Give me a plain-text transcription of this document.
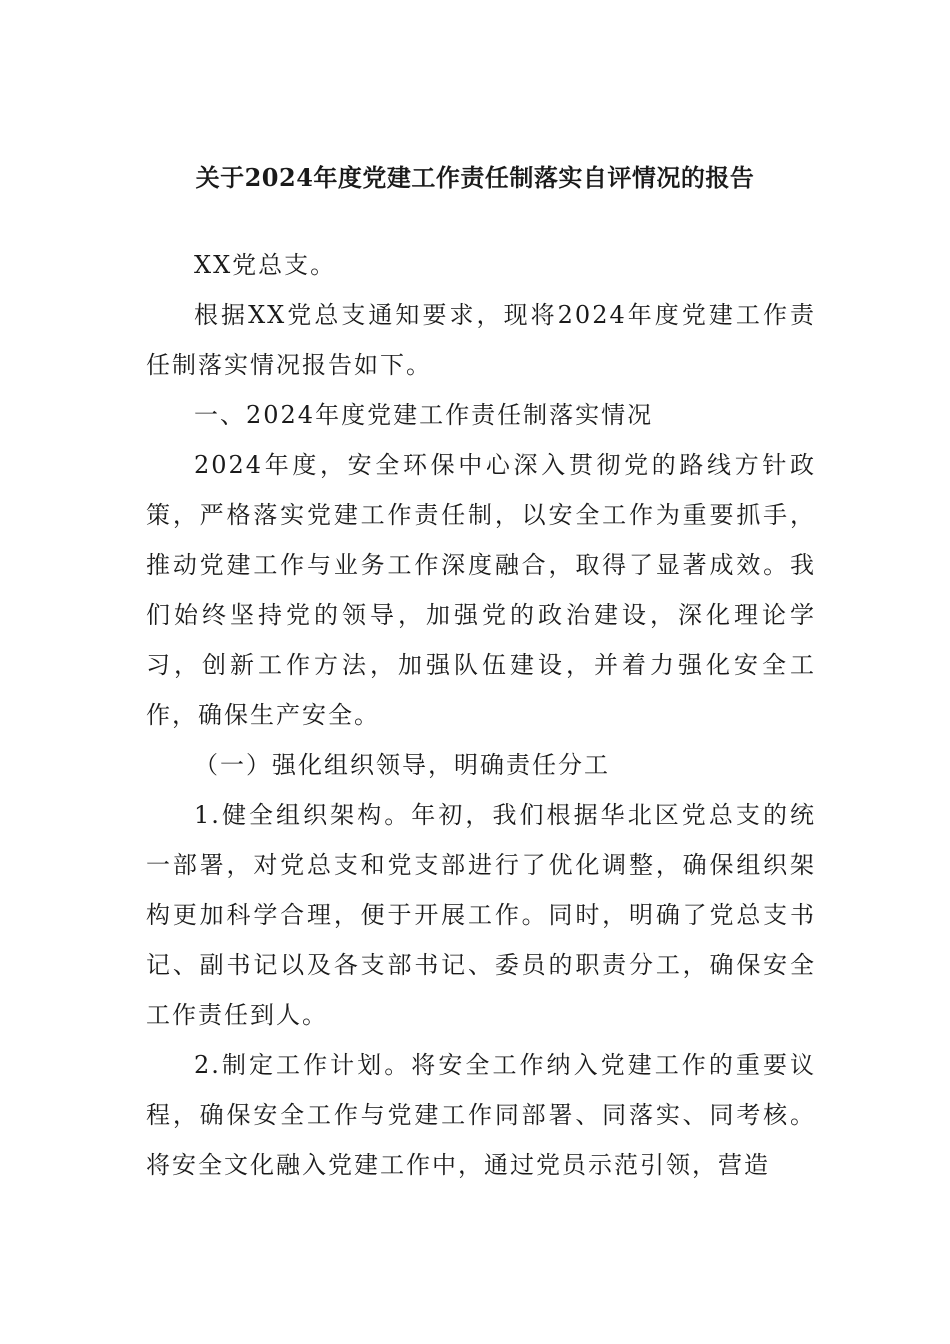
关于2024年度党建工作责任制落实自评情况的报告

XX党总支。

根据XX党总支通知要求，现将2024年度党建工作责任制落实情况报告如下。

一、2024年度党建工作责任制落实情况

2024年度，安全环保中心深入贯彻党的路线方针政策，严格落实党建工作责任制，以安全工作为重要抓手，推动党建工作与业务工作深度融合，取得了显著成效。我们始终坚持党的领导，加强党的政治建设，深化理论学习，创新工作方法，加强队伍建设，并着力强化安全工作，确保生产安全。

（一）强化组织领导，明确责任分工

1.健全组织架构。年初，我们根据华北区党总支的统一部署，对党总支和党支部进行了优化调整，确保组织架构更加科学合理，便于开展工作。同时，明确了党总支书记、副书记以及各支部书记、委员的职责分工，确保安全工作责任到人。

2.制定工作计划。将安全工作纳入党建工作的重要议程，确保安全工作与党建工作同部署、同落实、同考核。将安全文化融入党建工作中，通过党员示范引领，营造
